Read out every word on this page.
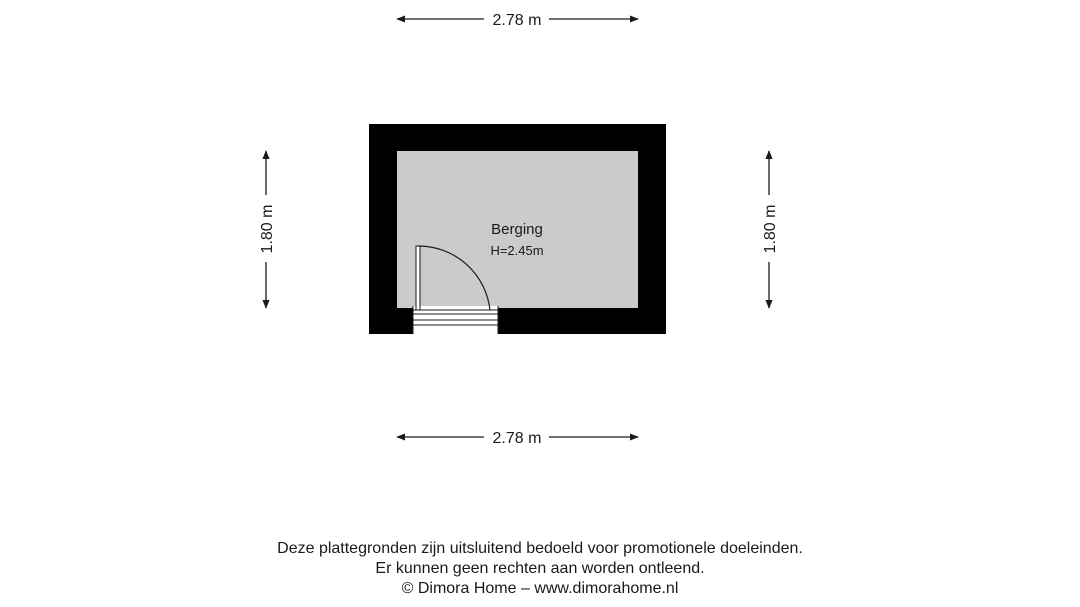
2.78 m
2.78 m
1.80 m	1.80 m
Berging
H=2.45m
Deze plattegronden zijn uitsluitend bedoeld voor promotionele doeleinden.
Er kunnen geen rechten aan worden ontleend.
© Dimora Home – www.dimorahome.nl
